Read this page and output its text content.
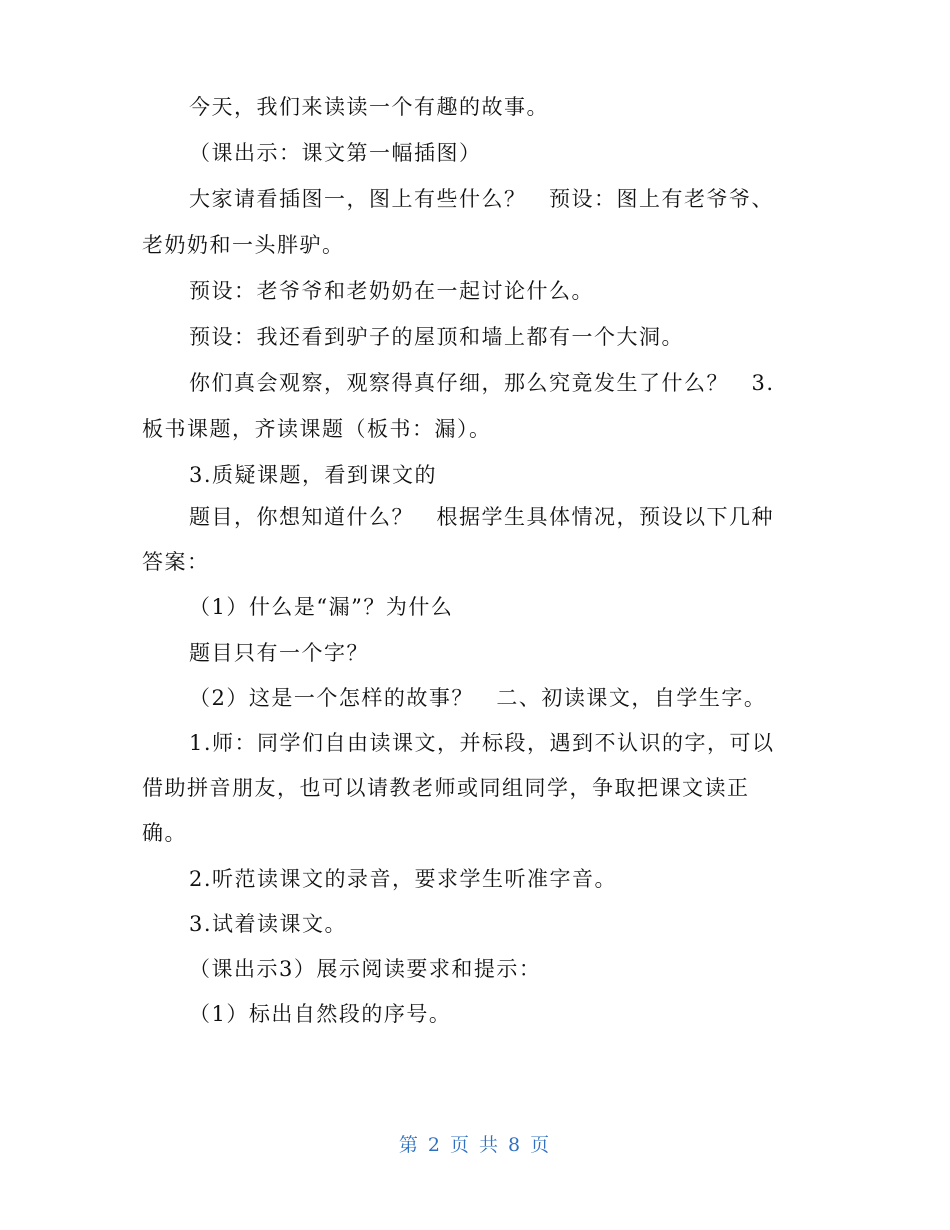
今天，我们来读读一个有趣的故事。
（课出示：课文第一幅插图）
大家请看插图一，图上有些什么？　预设：图上有老爷爷、
老奶奶和一头胖驴。
预设：老爷爷和老奶奶在一起讨论什么。
预设：我还看到驴子的屋顶和墙上都有一个大洞。
你们真会观察，观察得真仔细，那么究竟发生了什么？　3.
板书课题，齐读课题（板书：漏）。
3.质疑课题，看到课文的
题目，你想知道什么？　根据学生具体情况，预设以下几种
答案：
（1）什么是“漏”？为什么
题目只有一个字？
（2）这是一个怎样的故事？　二、初读课文，自学生字。
1.师：同学们自由读课文，并标段，遇到不认识的字，可以
借助拼音朋友，也可以请教老师或同组同学，争取把课文读正
确。
2.听范读课文的录音，要求学生听准字音。
3.试着读课文。
（课出示3）展示阅读要求和提示：
（1）标出自然段的序号。
第 2 页 共 8 页
